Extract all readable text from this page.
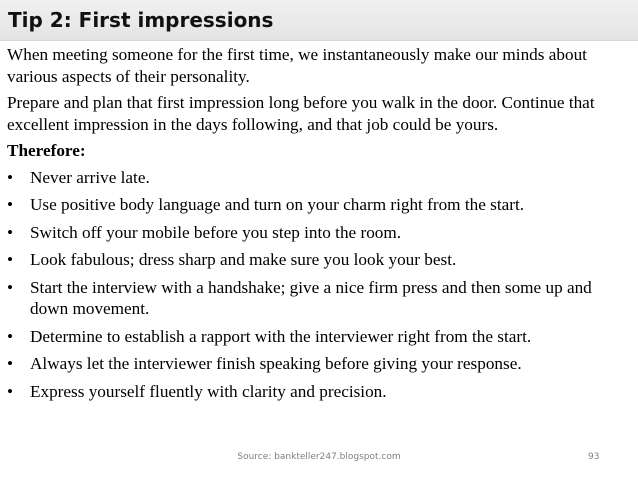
Tip 2: First impressions

When meeting someone for the first time, we instantaneously make our minds about various aspects of their personality.

Prepare and plan that first impression long before you walk in the door. Continue that excellent impression in the days following, and that job could be yours.

Therefore:
• Never arrive late.
• Use positive body language and turn on your charm right from the start.
• Switch off your mobile before you step into the room.
• Look fabulous; dress sharp and make sure you look your best.
• Start the interview with a handshake; give a nice firm press and then some up and down movement.
• Determine to establish a rapport with the interviewer right from the start.
• Always let the interviewer finish speaking before giving your response.
• Express yourself fluently with clarity and precision.
Source: bankteller247.blogspot.com	93
